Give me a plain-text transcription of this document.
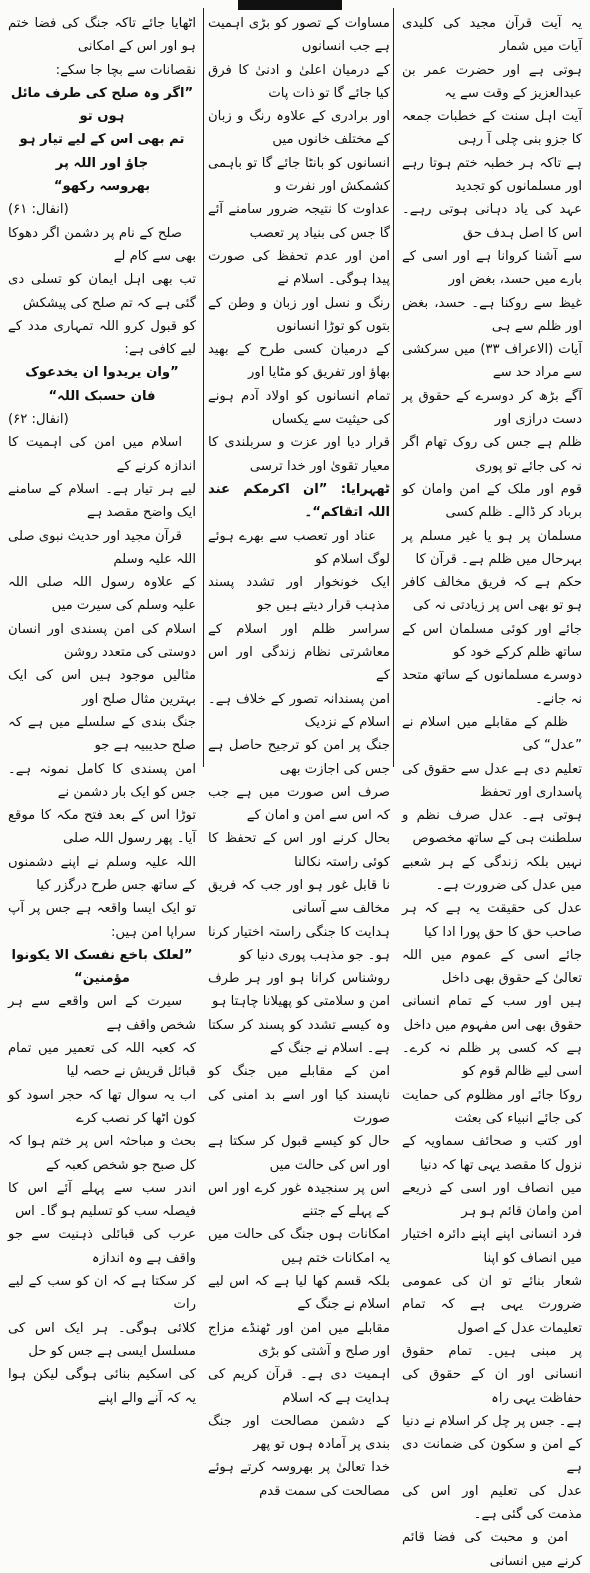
یہ آیت قرآن مجید کی کلیدی آیات میں شمار

ہوتی ہے اور حضرت عمر بن عبدالعزیز کے وقت سے یہ

آیت اہل سنت کے خطبات جمعہ کا جزو بنی چلی آ رہی

ہے تاکہ ہر خطبہ ختم ہوتا رہے اور مسلمانوں کو تجدید

عہد کی یاد دہانی ہوتی رہے۔ اس کا اصل ہدف حق

سے آشنا کروانا ہے اور اسی کے بارے میں حسد، بغض اور

غیظ سے روکنا ہے۔ حسد، بغض اور ظلم سے ہی

آیات (الاعراف ۳۳) میں سرکشی سے مراد حد سے

آگے بڑھ کر دوسرے کے حقوق پر دست درازی اور

ظلم ہے جس کی روک تھام اگر نہ کی جائے تو پوری

قوم اور ملک کے امن وامان کو برباد کر ڈالے۔ ظلم کسی

مسلمان پر ہو یا غیر مسلم پر بہرحال میں ظلم ہے۔ قرآن کا

حکم ہے کہ فریق مخالف کافر ہو تو بھی اس پر زیادتی نہ کی

جائے اور کوئی مسلمان اس کے ساتھ ظلم کرکے خود کو

دوسرے مسلمانوں کے ساتھ متحد نہ جانے۔

ظلم کے مقابلے میں اسلام نے ”عدل“ کی

تعلیم دی ہے عدل سے حقوق کی پاسداری اور تحفظ

ہوتی ہے۔ عدل صرف نظم و سلطنت ہی کے ساتھ مخصوص

نہیں بلکہ زندگی کے ہر شعبے میں عدل کی ضرورت ہے۔

عدل کی حقیقت یہ ہے کہ ہر صاحب حق کا حق پورا ادا کیا

جائے اسی کے عموم میں اللہ تعالیٰ کے حقوق بھی داخل

ہیں اور سب کے تمام انسانی حقوق بھی اس مفہوم میں داخل

ہے کہ کسی پر ظلم نہ کرے۔ اسی لیے ظالم قوم کو

روکا جائے اور مظلوم کی حمایت کی جائے انبیاء کی بعثت

اور کتب و صحائف سماویہ کے نزول کا مقصد یہی تھا کہ دنیا

میں انصاف اور اسی کے ذریعے امن وامان قائم ہو ہر

فرد انسانی اپنے اپنے دائرہ اختیار میں انصاف کو اپنا

شعار بنائے تو ان کی عمومی ضرورت یہی ہے کہ تمام تعلیمات عدل کے اصول

پر مبنی ہیں۔ تمام حقوق انسانی اور ان کے حقوق کی حفاظت یہی راہ

ہے۔ جس پر چل کر اسلام نے دنیا کے امن و سکون کی ضمانت دی ہے

عدل کی تعلیم اور اس کی مذمت کی گئی ہے۔

امن و محبت کی فضا قائم کرنے میں انسانی

مساوات کے تصور کو بڑی اہمیت ہے جب انسانوں

کے درمیان اعلیٰ و ادنیٰ کا فرق کیا جائے گا تو ذات پات

اور برادری کے علاوہ رنگ و زبان کے مختلف خانوں میں

انسانوں کو بانٹا جائے گا تو باہمی کشمکش اور نفرت و

عداوت کا نتیجہ ضرور سامنے آئے گا جس کی بنیاد پر تعصب

امن اور عدم تحفظ کی صورت پیدا ہوگی۔ اسلام نے

رنگ و نسل اور زبان و وطن کے بتوں کو توڑا انسانوں

کے درمیان کسی طرح کے بھید بھاؤ اور تفریق کو مٹایا اور

تمام انسانوں کو اولاد آدم ہونے کی حیثیت سے یکساں

قرار دیا اور عزت و سربلندی کا معیار تقویٰ اور خدا ترسی

ٹھہرایا: ”ان اکرمکم عند اللہ اتقاکم“۔

عناد اور تعصب سے بھرے ہوئے لوگ اسلام کو

ایک خونخوار اور تشدد پسند مذہب قرار دیتے ہیں جو

سراسر ظلم اور اسلام کے معاشرتی نظام زندگی اور اس کے

امن پسندانہ تصور کے خلاف ہے۔ اسلام کے نزدیک

جنگ پر امن کو ترجیح حاصل ہے جس کی اجازت بھی

صرف اس صورت میں ہے جب کہ اس سے امن و امان کے

بحال کرنے اور اس کے تحفظ کا کوئی راستہ نکالنا

نا قابل غور ہو اور جب کہ فریق مخالف سے آسانی

ہدایت کا جنگی راستہ اختیار کرنا ہو۔ جو مذہب پوری دنیا کو

روشناس کرانا ہو اور ہر طرف امن و سلامتی کو پھیلانا چاہتا ہو

وہ کیسے تشدد کو پسند کر سکتا ہے۔ اسلام نے جنگ کے

امن کے مقابلے میں جنگ کو ناپسند کیا اور اسے بد امنی کی صورت

حال کو کیسے قبول کر سکتا ہے اور اس کی حالت میں

اس پر سنجیدہ غور کرے اور اس کے پہلے کے جتنے

امکانات ہوں جنگ کی حالت میں یہ امکانات ختم ہیں

بلکہ قسم کھا لیا ہے کہ اس لیے اسلام نے جنگ کے

مقابلے میں امن اور ٹھنڈے مزاج اور صلح و آشتی کو بڑی

اہمیت دی ہے۔ قرآن کریم کی ہدایت ہے کہ اسلام

کے دشمن مصالحت اور جنگ بندی پر آمادہ ہوں تو پھر

خدا تعالیٰ پر بھروسہ کرتے ہوئے مصالحت کی سمت قدم

اٹھایا جائے تاکہ جنگ کی فضا ختم ہو اور اس کے امکانی

نقصانات سے بچا جا سکے:

”اگر وہ صلح کی طرف مائل ہوں تو

تم بھی اس کے لیے تیار ہو جاؤ اور اللہ پر

بھروسہ رکھو“

(انفال: ۶۱)

صلح کے نام پر دشمن اگر دھوکا بھی سے کام لے

تب بھی اہل ایمان کو تسلی دی گئی ہے کہ تم صلح کی پیشکش

کو قبول کرو اللہ تمہاری مدد کے لیے کافی ہے:

”وان یریدوا ان یخدعوک

فان حسبک اللہ“

(انفال: ۶۲)

اسلام میں امن کی اہمیت کا اندازہ کرنے کے

لیے ہر تیار ہے۔ اسلام کے سامنے ایک واضح مقصد ہے

قرآن مجید اور حدیث نبوی صلی اللہ علیہ وسلم

کے علاوہ رسول اللہ صلی اللہ علیہ وسلم کی سیرت میں

اسلام کی امن پسندی اور انسان دوستی کی متعدد روشن

مثالیں موجود ہیں اس کی ایک بہترین مثال صلح اور

جنگ بندی کے سلسلے میں ہے کہ صلح حدیبیہ ہے جو

امن پسندی کا کامل نمونہ ہے۔ جس کو ایک بار دشمن نے

توڑا اس کے بعد فتح مکہ کا موقع آیا۔ پھر رسول اللہ صلی

اللہ علیہ وسلم نے اپنے دشمنوں کے ساتھ جس طرح درگزر کیا

تو ایک ایسا واقعہ ہے جس پر آپ سراپا امن ہیں:

”لعلک باخع نفسک الا یکونوا مؤمنین“

سیرت کے اس واقعے سے ہر شخص واقف ہے

کہ کعبہ اللہ کی تعمیر میں تمام قبائل قریش نے حصہ لیا

اب یہ سوال تھا کہ حجر اسود کو کون اٹھا کر نصب کرے

بحث و مباحثہ اس پر ختم ہوا کہ کل صبح جو شخص کعبہ کے

اندر سب سے پہلے آئے اس کا فیصلہ سب کو تسلیم ہو گا۔ اس

عرب کی قبائلی ذہنیت سے جو واقف ہے وہ اندازہ

کر سکتا ہے کہ ان کو سب کے لیے رات

کلائی ہوگی۔ ہر ایک اس کی مسلسل ایسی ہے جس کو حل

کی اسکیم بنائی ہوگی لیکن ہوا یہ کہ آنے والے اپنے
